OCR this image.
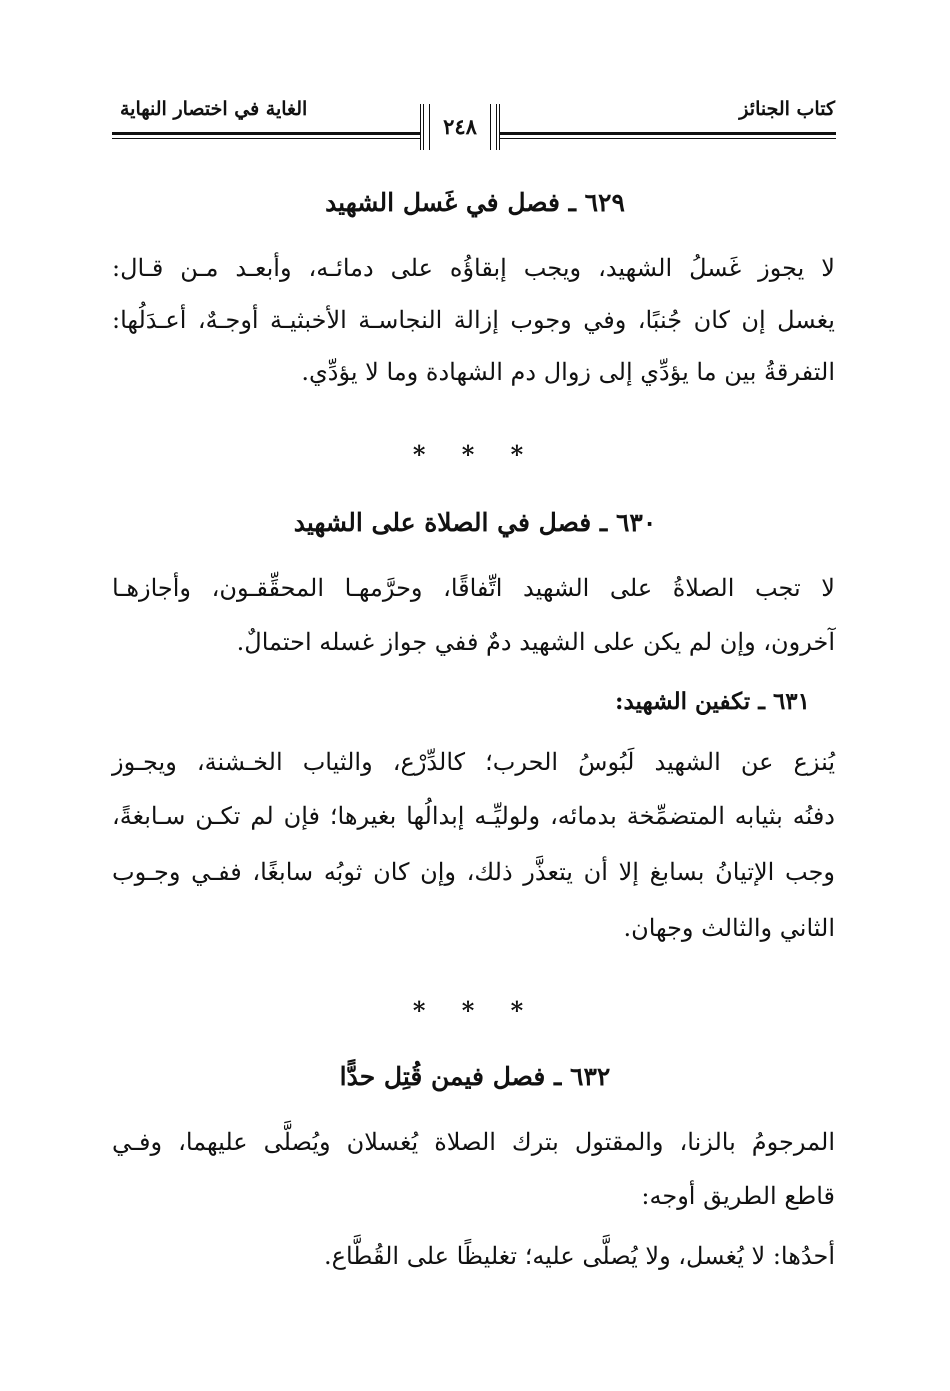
كتاب الجنائز
الغاية في اختصار النهاية
٢٤٨
٦٢٩ ـ فصل في غَسل الشهيد
لا يجوز غَسلُ الشهيد، ويجب إبقاؤُه على دمائـه، وأبعـد مـن قـال:
يغسل إن كان جُنبًا، وفي وجوب إزالة النجاسـة الأخبثيـة أوجـهٌ، أعـدَلُها:
التفرقةُ بين ما يؤدِّي إلى زوال دم الشهادة وما لا يؤدِّي.
* * *
٦٣٠ ـ فصل في الصلاة على الشهيد
لا تجب الصلاةُ على الشهيد اتِّفاقًا، وحرَّمهـا المحقِّقـون، وأجازهـا
آخرون، وإن لم يكن على الشهيد دمٌ ففي جواز غسله احتمالٌ.
٦٣١ ـ تكفين الشهيد:
يُنزع عن الشهيد لَبُوسُ الحرب؛ كالدِّرْع، والثياب الخـشنة، ويجـوز
دفنُه بثيابه المتضمِّخة بدمائه، ولوليِّـه إبدالُها بغيرها؛ فإن لم تكـن سـابغةً،
وجب الإتيانُ بسابغ إلا أن يتعذَّر ذلك، وإن كان ثوبُه سابغًا، ففـي وجـوب
الثاني والثالث وجهان.
* * *
٦٣٢ ـ فصل فيمن قُتِل حدًّا
المرجومُ بالزنا، والمقتول بترك الصلاة يُغسلان ويُصلَّى عليهما، وفـي
قاطع الطريق أوجه:
أحدُها: لا يُغسل، ولا يُصلَّى عليه؛ تغليظًا على القُطَّاع.
